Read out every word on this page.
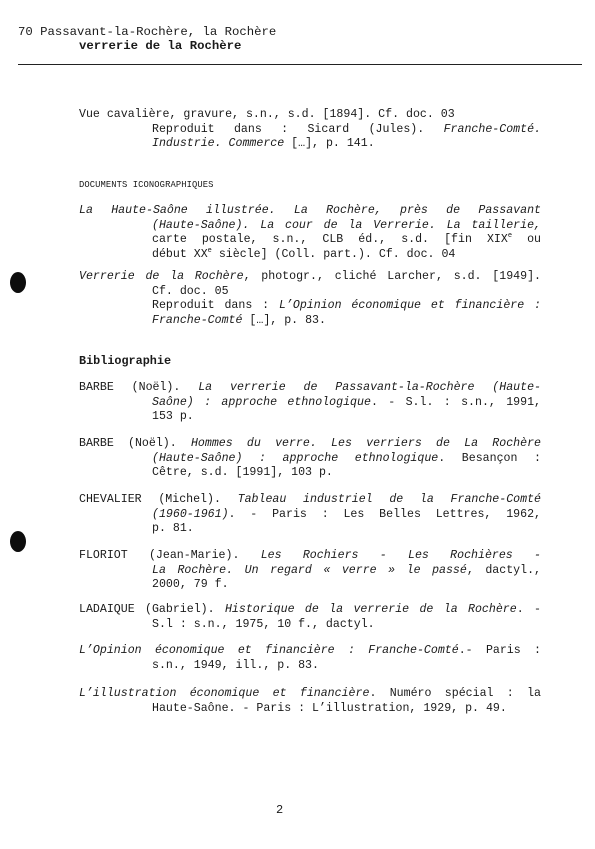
70 Passavant-la-Rochère, la Rochère
verrerie de la Rochère
Vue cavalière, gravure, s.n., s.d. [1894]. Cf. doc. 03
Reproduit dans : Sicard (Jules). Franche-Comté.
Industrie. Commerce […], p. 141.
DOCUMENTS ICONOGRAPHIQUES
La Haute-Saône illustrée. La Rochère, près de Passavant
(Haute-Saône). La cour de la Verrerie. La taillerie,
carte postale, s.n., CLB éd., s.d. [fin XIXe ou
début XXe siècle] (Coll. part.). Cf. doc. 04
Verrerie de la Rochère, photogr., cliché Larcher, s.d. [1949].
Cf. doc. 05
Reproduit dans : L’Opinion économique et financière :
Franche-Comté […], p. 83.
Bibliographie
BARBE (Noël). La verrerie de Passavant-la-Rochère (Haute-
Saône) : approche ethnologique. - S.l. : s.n., 1991,
153 p.
BARBE (Noël). Hommes du verre. Les verriers de La Rochère
(Haute-Saône) : approche ethnologique. Besançon :
Cêtre, s.d. [1991], 103 p.
CHEVALIER (Michel). Tableau industriel de la Franche-Comté
(1960-1961). - Paris : Les Belles Lettres, 1962,
p. 81.
FLORIOT (Jean-Marie). Les Rochiers - Les Rochières -
La Rochère. Un regard « verre » le passé, dactyl.,
2000, 79 f.
LADAIQUE (Gabriel). Historique de la verrerie de la Rochère. -
S.l : s.n., 1975, 10 f., dactyl.
L’Opinion économique et financière : Franche-Comté.- Paris :
s.n., 1949, ill., p. 83.
L’illustration économique et financière. Numéro spécial : la
Haute-Saône. - Paris : L’illustration, 1929, p. 49.
2
